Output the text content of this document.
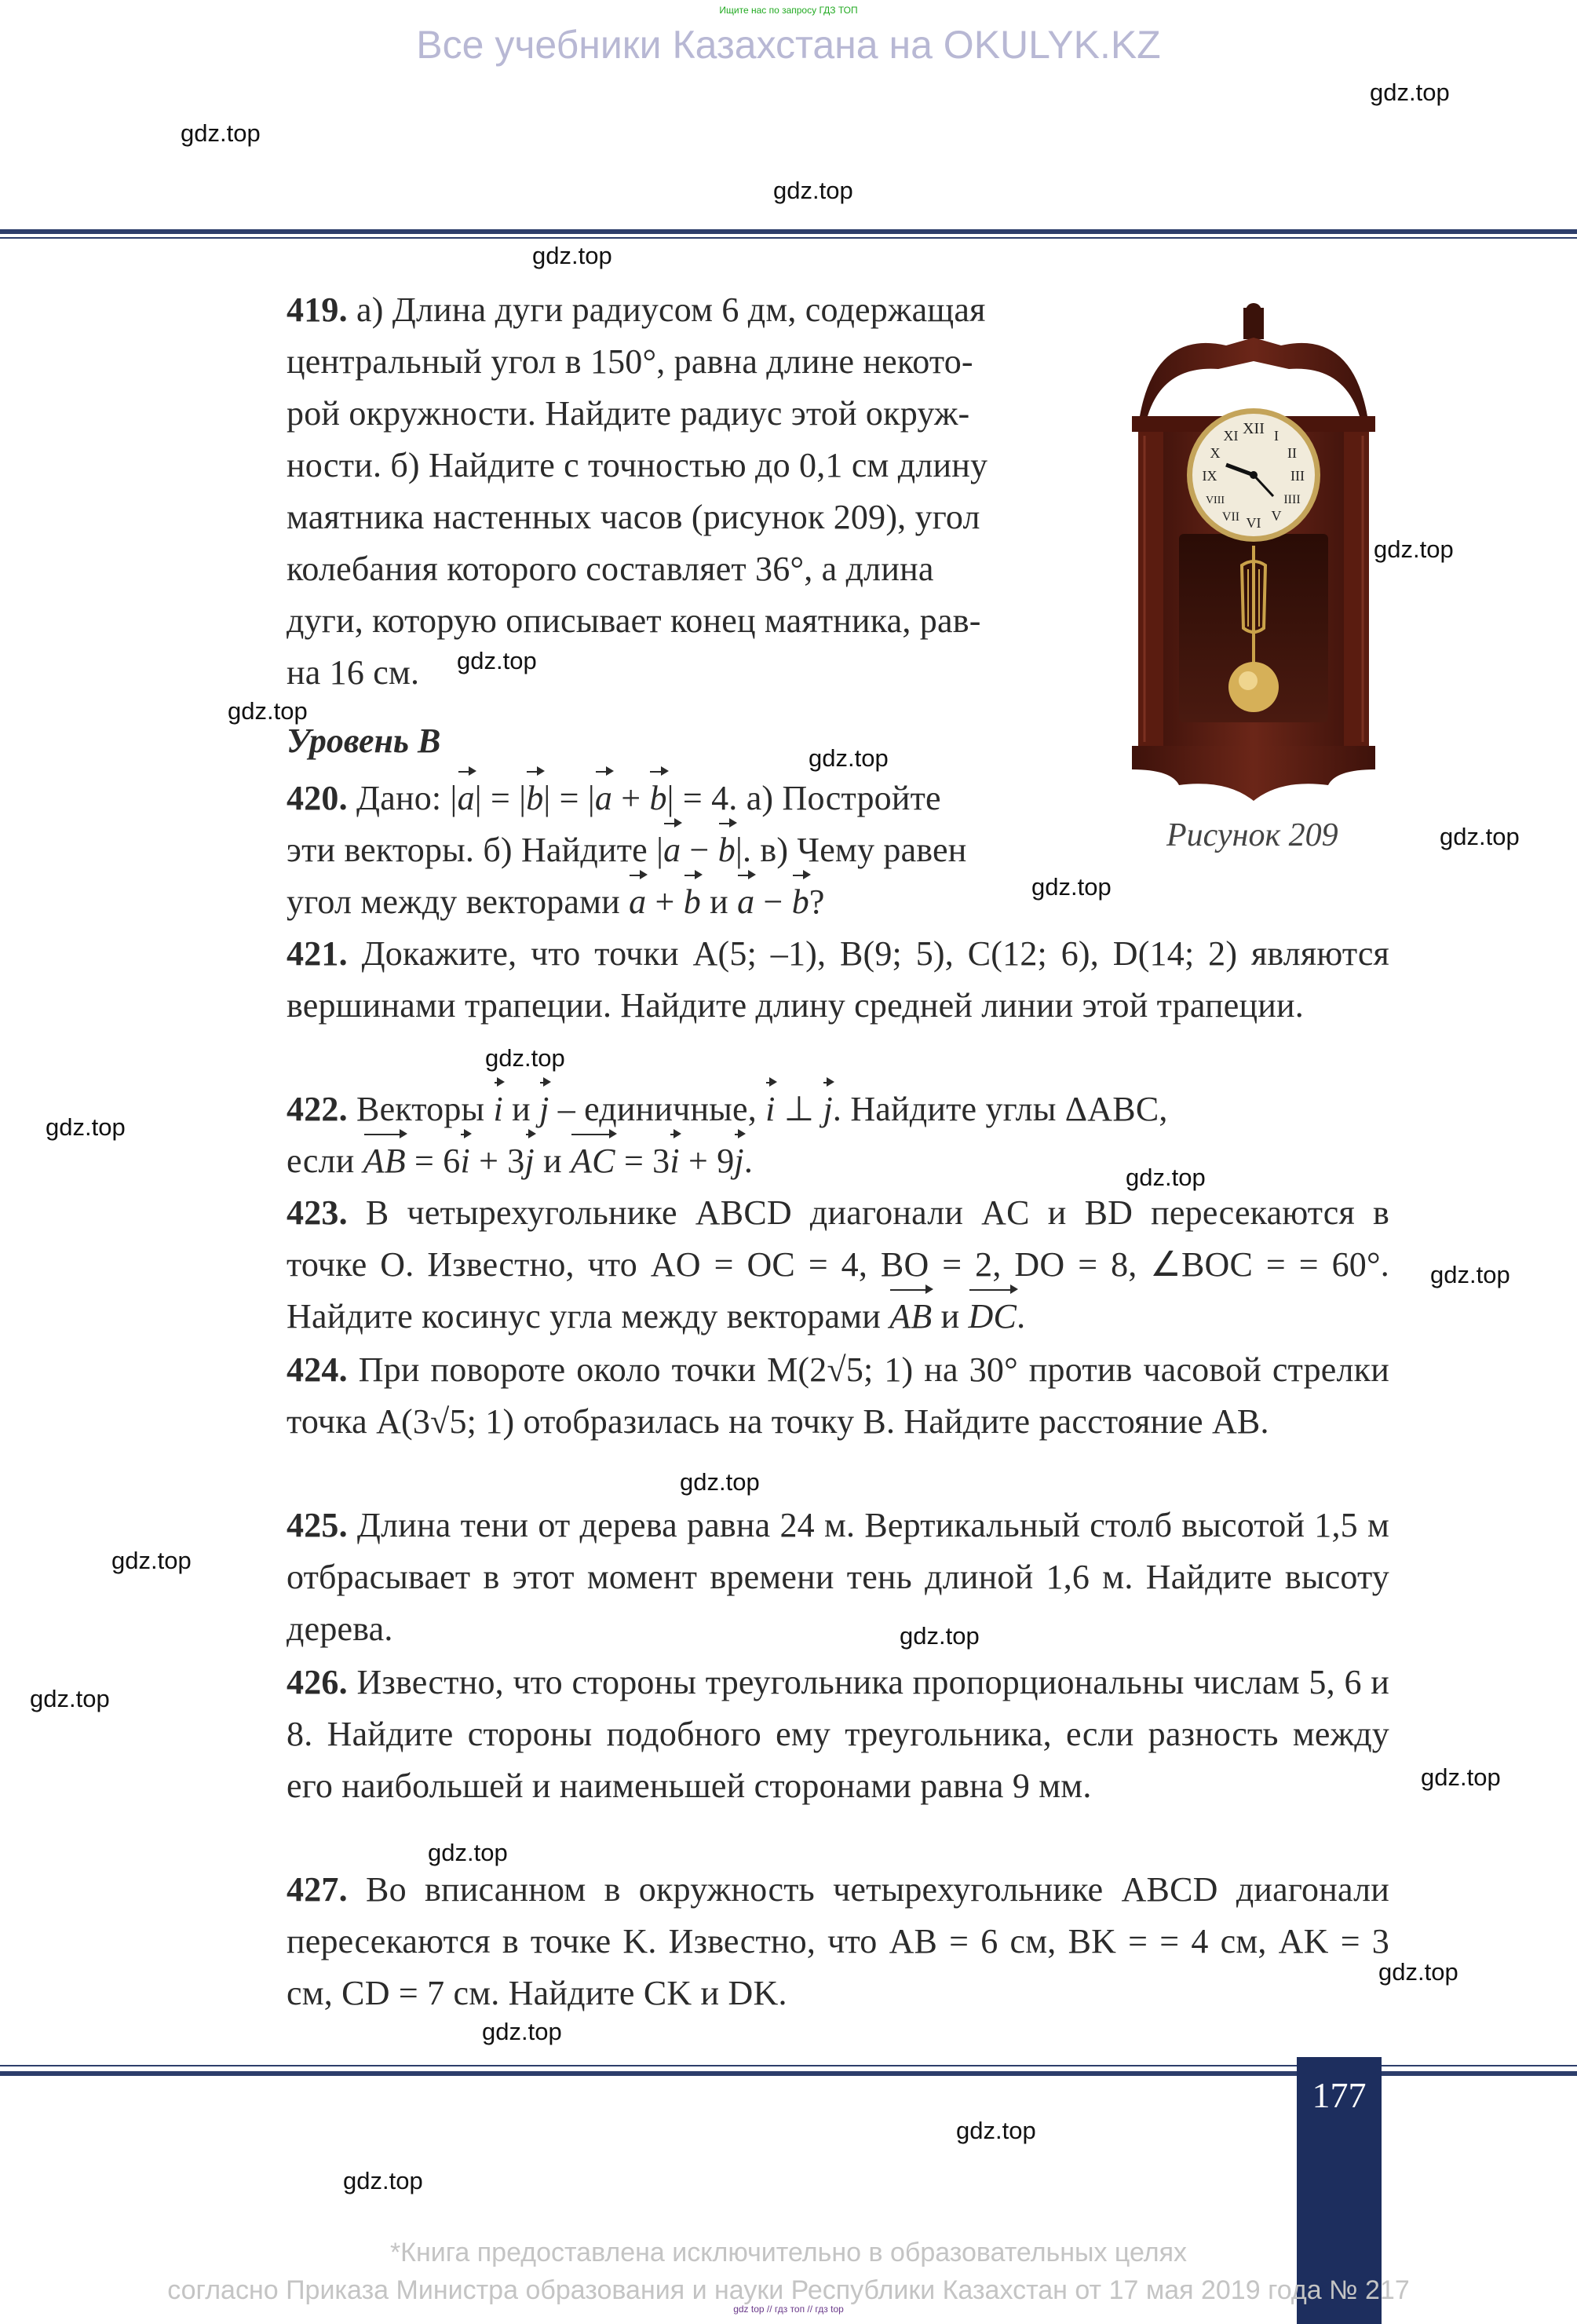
Ищите нас по запросу ГДЗ ТОП
Все учебники Казахстана на OKULYK.KZ
gdz.top
gdz.top
gdz.top
gdz.top
gdz.top
gdz.top
gdz.top
gdz.top
gdz.top
gdz.top
gdz.top
gdz.top
gdz.top
gdz.top
gdz.top
gdz.top
gdz.top
gdz.top
gdz.top
gdz.top
gdz.top
gdz.top
gdz.top
gdz.top
419. а) Длина дуги радиусом 6 дм, содержащая
центральный угол в 150°, равна длине некото-
рой окружности. Найдите радиус этой окруж-
ности. б) Найдите с точностью до 0,1 см длину
маятника настенных часов (рисунок 209), угол
колебания которого составляет 36°, а длина
дуги, которую описывает конец маятника, рав-
на 16 см.
Уровень B
420. Дано: |a| = |b| = |a + b| = 4. а) Постройте
эти векторы. б) Найдите |a − b|. в) Чему равен
угол между векторами a + b и a − b?
421. Докажите, что точки A(5; –1), B(9; 5), C(12; 6), D(14; 2) являются вершинами трапеции. Найдите длину средней линии этой трапеции.
422. Векторы i и j – единичные, i ⊥ j. Найдите углы ΔABC,
если AB = 6i + 3j и AC = 3i + 9j.
423. В четырехугольнике ABCD диагонали AC и BD пересекаются в точке O. Известно, что AO = OC = 4, BO = 2, DO = 8, ∠BOC = = 60°. Найдите косинус угла между векторами AB и DC.
424. При повороте около точки M(2√5; 1) на 30° против часовой стрелки точка A(3√5; 1) отобразилась на точку B. Найдите расстояние AB.
425. Длина тени от дерева равна 24 м. Вертикальный столб высотой 1,5 м отбрасывает в этот момент времени тень длиной 1,6 м. Найдите высоту дерева.
426. Известно, что стороны треугольника пропорциональны числам 5, 6 и 8. Найдите стороны подобного ему треугольника, если разность между его наибольшей и наименьшей сторонами равна 9 мм.
427. Во вписанном в окружность четырехугольнике ABCD диагонали пересекаются в точке K. Известно, что AB = 6 см, BK = = 4 см, AK = 3 см, CD = 7 см. Найдите CK и DK.
XII I
II
III
IIII
V
VI
VII
VIII
IX
X
XI
Рисунок 209
177
*Книга предоставлена исключительно в образовательных целях
согласно Приказа Министра образования и науки Республики Казахстан от 17 мая 2019 года № 217
gdz top // гдз топ // гдз top
